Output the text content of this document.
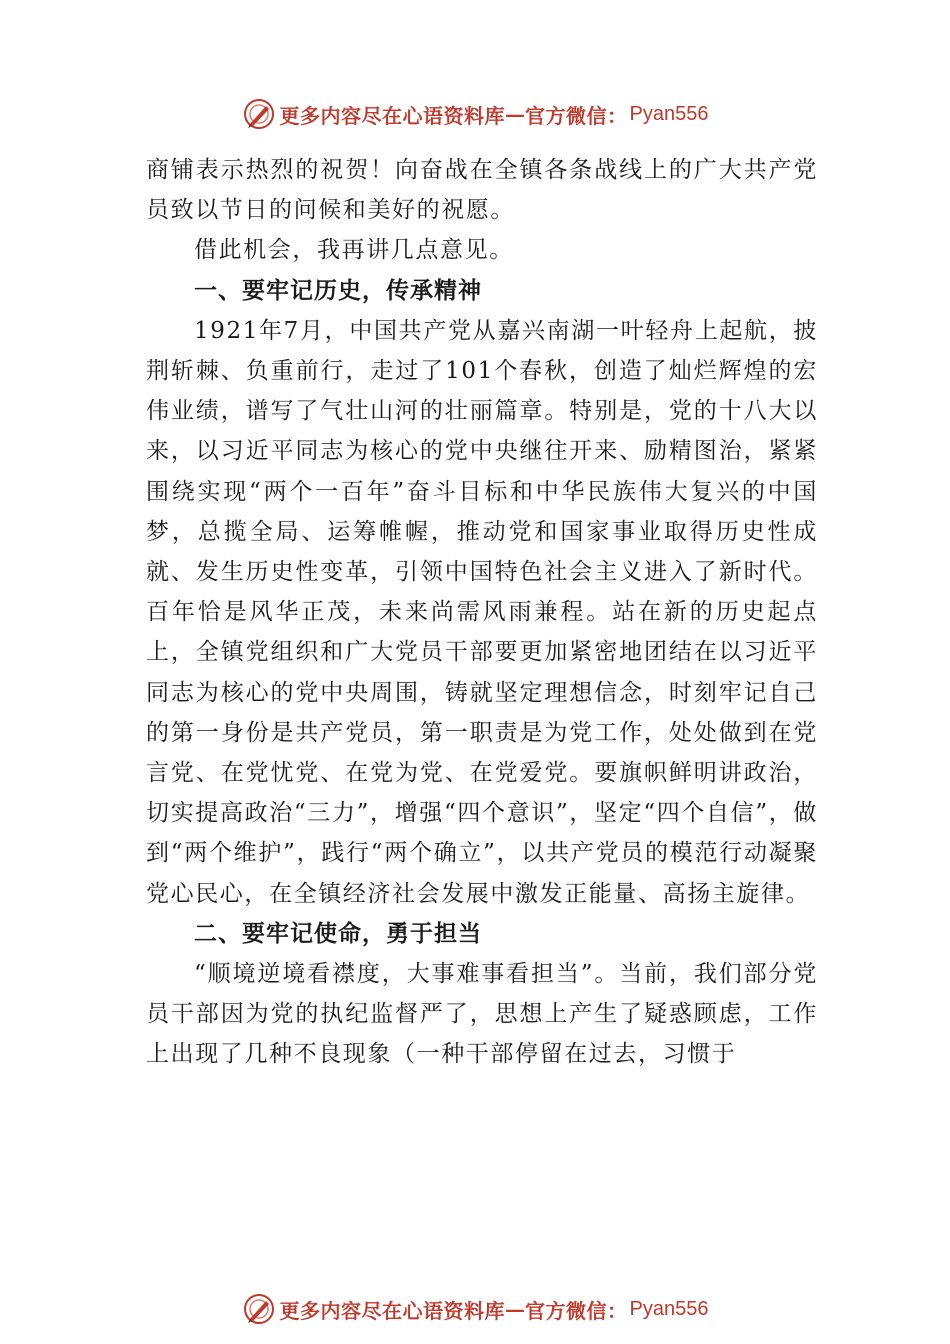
更多内容尽在心语资料库 — 官方微信： Pyan556

商铺表示热烈的祝贺！向奋战在全镇各条战线上的广大共产党员致以节日的问候和美好的祝愿。

借此机会，我再讲几点意见。

一、要牢记历史，传承精神

1921年7月，中国共产党从嘉兴南湖一叶轻舟上起航，披荆斩棘、负重前行，走过了101个春秋，创造了灿烂辉煌的宏伟业绩，谱写了气壮山河的壮丽篇章。特别是，党的十八大以来，以习近平同志为核心的党中央继往开来、励精图治，紧紧围绕实现“两个一百年”奋斗目标和中华民族伟大复兴的中国梦，总揽全局、运筹帷幄，推动党和国家事业取得历史性成就、发生历史性变革，引领中国特色社会主义进入了新时代。百年恰是风华正茂，未来尚需风雨兼程。站在新的历史起点上，全镇党组织和广大党员干部要更加紧密地团结在以习近平同志为核心的党中央周围，铸就坚定理想信念，时刻牢记自己的第一身份是共产党员，第一职责是为党工作，处处做到在党言党、在党忧党、在党为党、在党爱党。要旗帜鲜明讲政治，切实提高政治“三力”，增强“四个意识”，坚定“四个自信”，做到“两个维护”，践行“两个确立”，以共产党员的模范行动凝聚党心民心，在全镇经济社会发展中激发正能量、高扬主旋律。

二、要牢记使命，勇于担当

“顺境逆境看襟度，大事难事看担当”。当前，我们部分党员干部因为党的执纪监督严了，思想上产生了疑惑顾虑，工作上出现了几种不良现象（一种干部停留在过去，习惯于

更多内容尽在心语资料库 — 官方微信： Pyan556
